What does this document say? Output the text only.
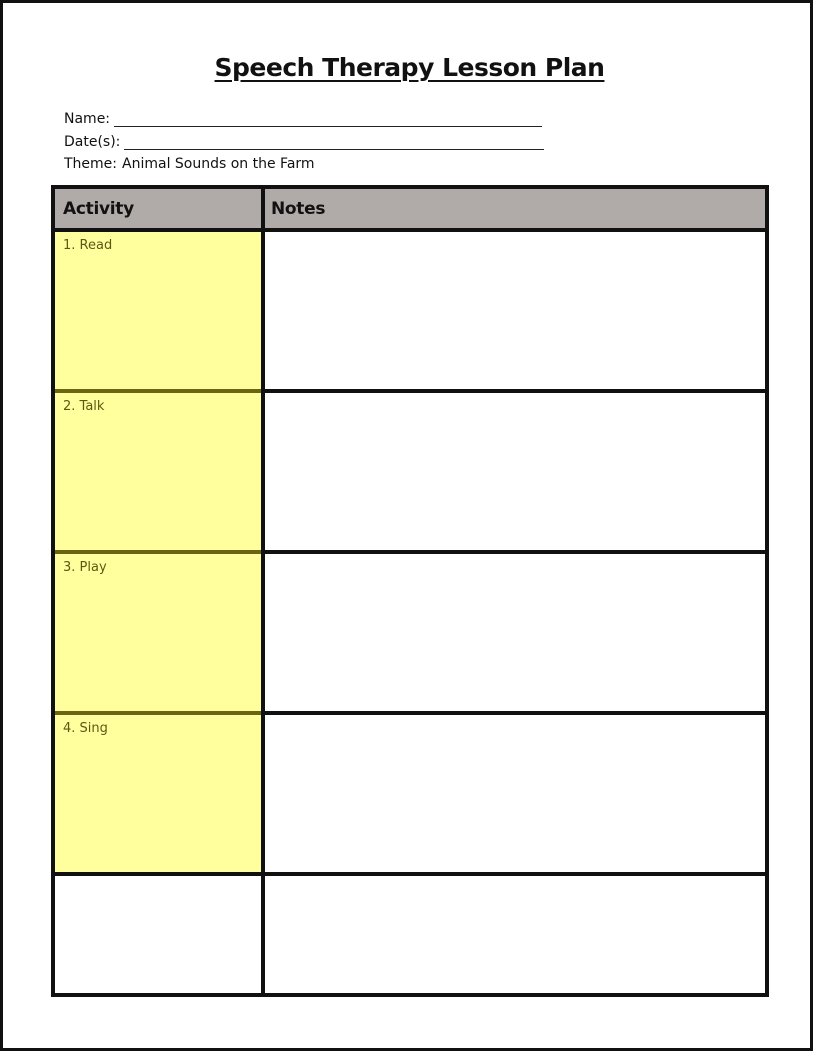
Speech Therapy Lesson Plan
Name:
Date(s):
Theme: Animal Sounds on the Farm
Activity	Notes
1. Read
2. Talk
3. Play
4. Sing
